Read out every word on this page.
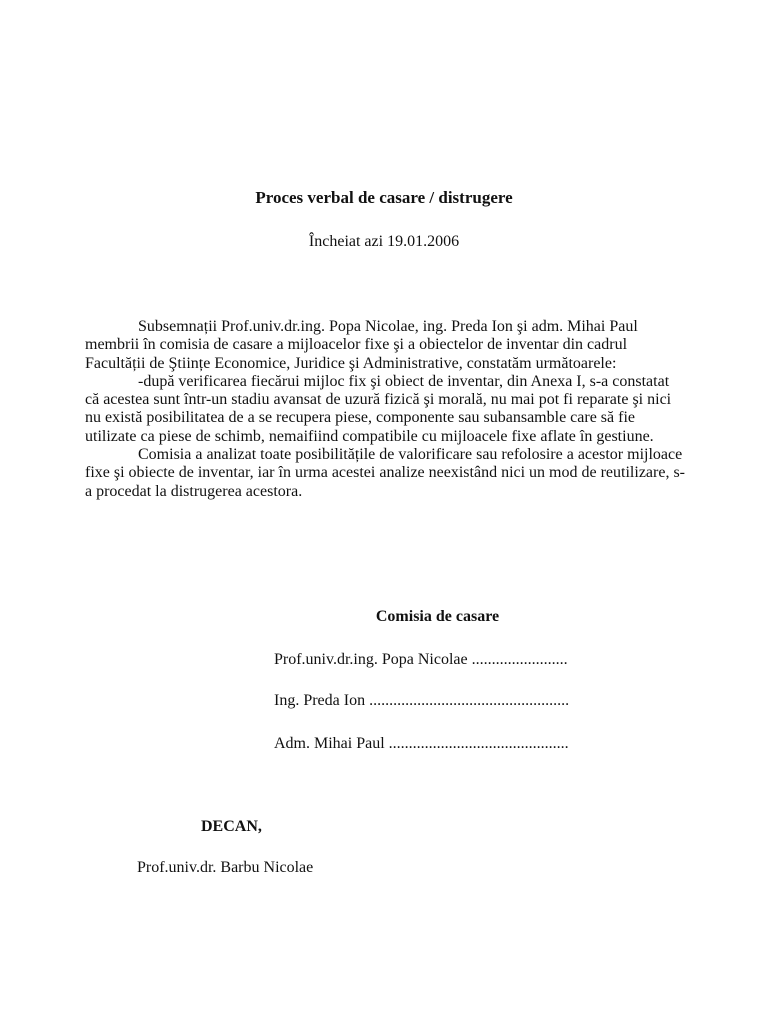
Proces verbal de casare / distrugere
Încheiat azi 19.01.2006

Subsemnații Prof.univ.dr.ing. Popa Nicolae, ing. Preda Ion şi adm. Mihai Paul membrii în comisia de casare a mijloacelor fixe şi a obiectelor de inventar din cadrul Facultății de Ştiințe Economice, Juridice şi Administrative, constatăm următoarele:

-după verificarea fiecărui mijloc fix şi obiect de inventar, din Anexa I, s-a constatat că acestea sunt într-un stadiu avansat de uzură fizică şi morală, nu mai pot fi reparate şi nici nu există posibilitatea de a se recupera piese, componente sau subansamble care să fie utilizate ca piese de schimb, nemaifiind compatibile cu mijloacele fixe aflate în gestiune.

Comisia a analizat toate posibilitățile de valorificare sau refolosire a acestor mijloace fixe şi obiecte de inventar, iar în urma acestei analize neexistând nici un mod de reutilizare, s-a procedat la distrugerea acestora.

Comisia de casare
Prof.univ.dr.ing. Popa Nicolae ........................
Ing. Preda Ion ..................................................
Adm. Mihai Paul .............................................
DECAN,
Prof.univ.dr. Barbu Nicolae
